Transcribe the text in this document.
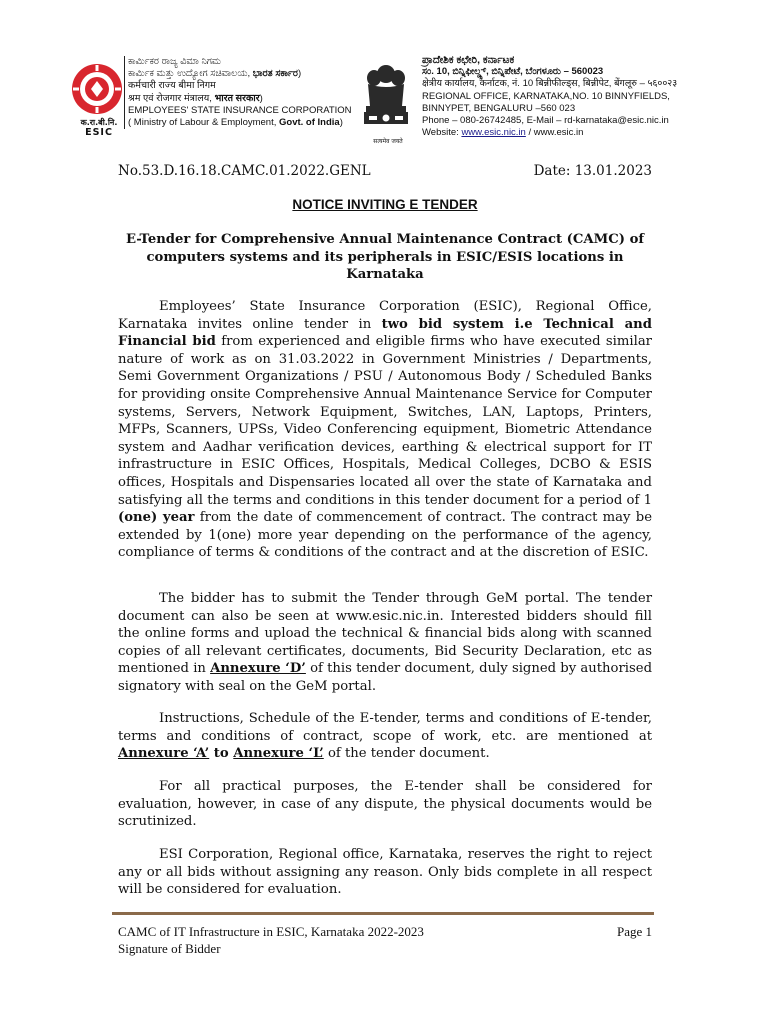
क.रा.बी.नि.
ESIC
ಕಾರ್ಮಿಕರ ರಾಜ್ಯ ವಿಮಾ ನಿಗಮ
ಕಾರ್ಮಿಕ ಮತ್ತು ಉದ್ಯೋಗ ಸಚಿವಾಲಯ, ಭಾರತ ಸರ್ಕಾರ)
कर्मचारी राज्य बीमा निगम
श्रम एवं रोजगार मंत्रालय, भारत सरकार)
EMPLOYEES' STATE INSURANCE CORPORATION
( Ministry of Labour & Employment, Govt. of India)
सत्यमेव जयते
ಪ್ರಾದೇಶಿಕ ಕಛೇರಿ, ಕರ್ನಾಟಕ
ಸಂ. 10, ಬಿನ್ನಿಫೀಲ್ಡ್ಸ್, ಬಿನ್ನಿಪೇಟೆ, ಬೆಂಗಳೂರು – 560023
क्षेत्रीय कार्यालय, कर्नाटक, नं. 10 बिन्नीफील्ड्स, बिन्नीपेट, बेंगलूरु – ५६००२३
REGIONAL OFFICE, KARNATAKA,NO. 10 BINNYFIELDS,
BINNYPET, BENGALURU –560 023
Phone – 080-26742485, E-Mail – rd-karnataka@esic.nic.in
Website: www.esic.nic.in / www.esic.in
No.53.D.16.18.CAMC.01.2022.GENL	Date: 13.01.2023
NOTICE INVITING E TENDER
E-Tender for Comprehensive Annual Maintenance Contract (CAMC) of computers systems and its peripherals in ESIC/ESIS locations in Karnataka

Employees’ State Insurance Corporation (ESIC), Regional Office, Karnataka invites online tender in two bid system i.e Technical and Financial bid from experienced and eligible firms who have executed similar nature of work as on 31.03.2022 in Government Ministries / Departments, Semi Government Organizations / PSU / Autonomous Body / Scheduled Banks for providing onsite Comprehensive Annual Maintenance Service for Computer systems, Servers, Network Equipment, Switches, LAN, Laptops, Printers, MFPs, Scanners, UPSs, Video Conferencing equipment, Biometric Attendance system and Aadhar verification devices, earthing & electrical support for IT infrastructure in ESIC Offices, Hospitals, Medical Colleges, DCBO & ESIS offices, Hospitals and Dispensaries located all over the state of Karnataka and satisfying all the terms and conditions in this tender document for a period of 1 (one) year from the date of commencement of contract. The contract may be extended by 1(one) more year depending on the performance of the agency, compliance of terms & conditions of the contract and at the discretion of ESIC.

The bidder has to submit the Tender through GeM portal. The tender document can also be seen at www.esic.nic.in. Interested bidders should fill the online forms and upload the technical & financial bids along with scanned copies of all relevant certificates, documents, Bid Security Declaration, etc as mentioned in Annexure ‘D’ of this tender document, duly signed by authorised signatory with seal on the GeM portal.

Instructions, Schedule of the E-tender, terms and conditions of E-tender, terms and conditions of contract, scope of work, etc. are mentioned at Annexure ‘A’ to Annexure ‘L’ of the tender document.

For all practical purposes, the E-tender shall be considered for evaluation, however, in case of any dispute, the physical documents would be scrutinized.

ESI Corporation, Regional office, Karnataka, reserves the right to reject any or all bids without assigning any reason. Only bids complete in all respect will be considered for evaluation.

CAMC of IT Infrastructure in ESIC, Karnataka 2022-2023
Signature of Bidder
Page 1
